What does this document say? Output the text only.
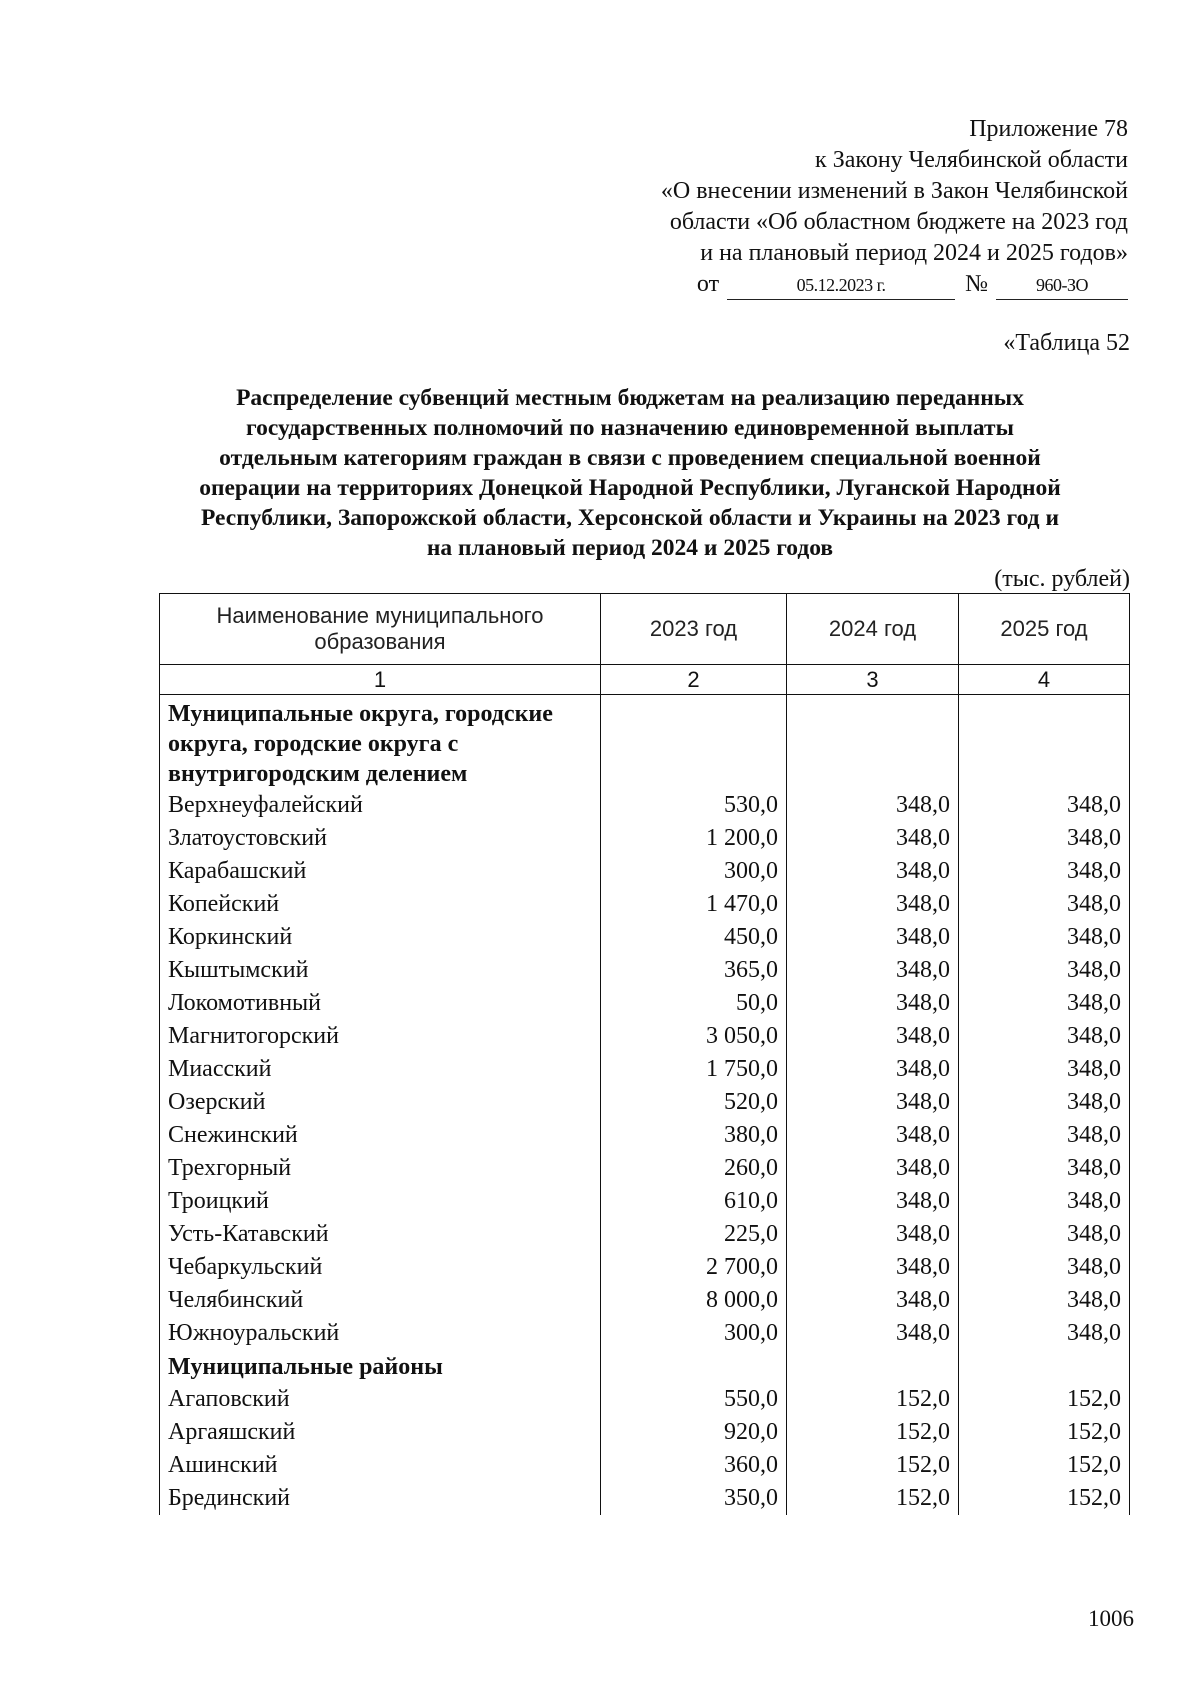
Приложение 78
к Закону Челябинской области
«О внесении изменений в Закон Челябинской
области «Об областном бюджете на 2023 год
и на плановый период 2024 и 2025 годов»
от	05.12.2023 г.	№	960-ЗО
«Таблица 52
Распределение субвенций местным бюджетам на реализацию переданных
государственных полномочий по назначению единовременной выплаты
отдельным категориям граждан в связи с проведением специальной военной
операции на территориях Донецкой Народной Республики, Луганской Народной
Республики, Запорожской области, Херсонской области и Украины на 2023 год и
на плановый период 2024 и 2025 годов
(тыс. рублей)
Наименование муниципального образования	2023 год	2024 год	2025 год
1	2	3	4
Муниципальные округа, городские округа, городские округа с внутригородским делением			
Верхнеуфалейский	530,0	348,0	348,0
Златоустовский	1 200,0	348,0	348,0
Карабашский	300,0	348,0	348,0
Копейский	1 470,0	348,0	348,0
Коркинский	450,0	348,0	348,0
Кыштымский	365,0	348,0	348,0
Локомотивный	50,0	348,0	348,0
Магнитогорский	3 050,0	348,0	348,0
Миасский	1 750,0	348,0	348,0
Озерский	520,0	348,0	348,0
Снежинский	380,0	348,0	348,0
Трехгорный	260,0	348,0	348,0
Троицкий	610,0	348,0	348,0
Усть-Катавский	225,0	348,0	348,0
Чебаркульский	2 700,0	348,0	348,0
Челябинский	8 000,0	348,0	348,0
Южноуральский	300,0	348,0	348,0
Муниципальные районы			
Агаповский	550,0	152,0	152,0
Аргаяшский	920,0	152,0	152,0
Ашинский	360,0	152,0	152,0
Брединский	350,0	152,0	152,0
1006
